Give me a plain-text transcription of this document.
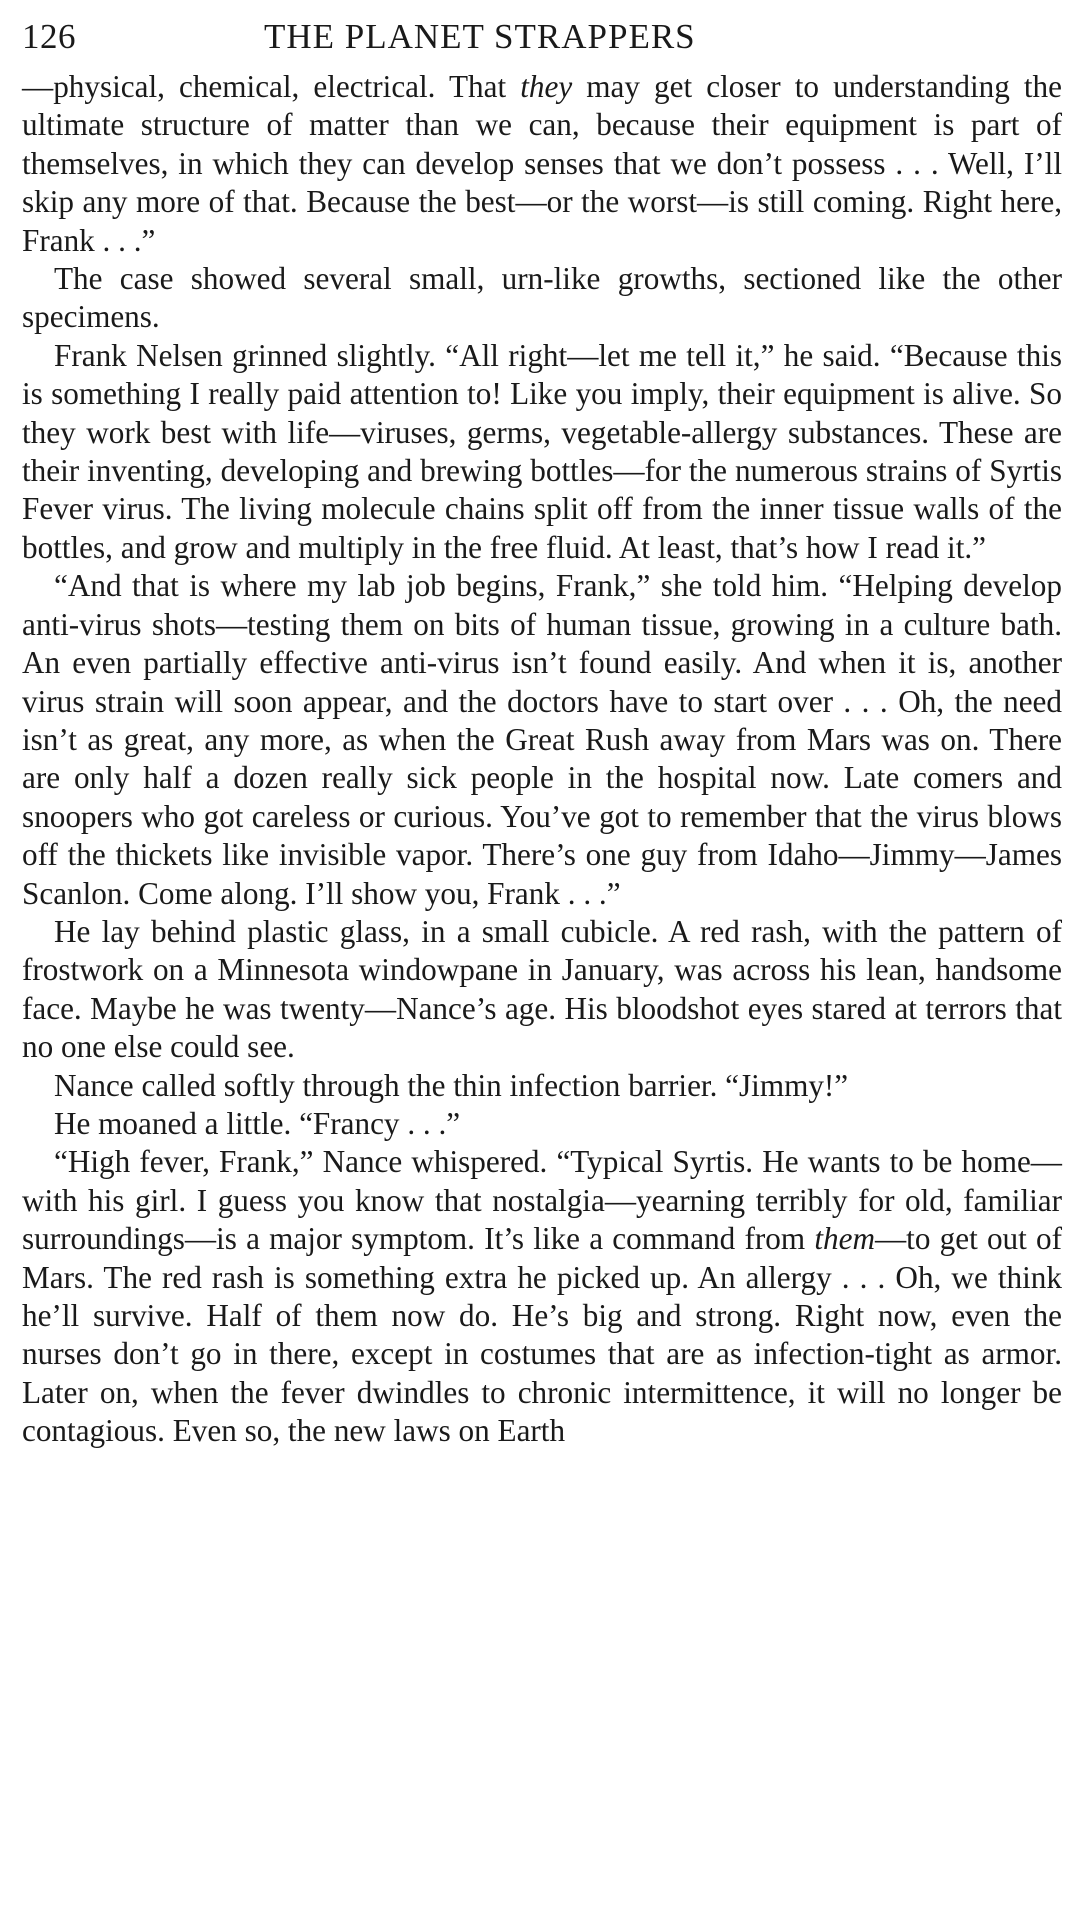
126	THE PLANET STRAPPERS

—physical, chemical, electrical. That they may get closer to understanding the ultimate structure of matter than we can, because their equipment is part of themselves, in which they can develop senses that we don’t possess . . . Well, I’ll skip any more of that. Because the best—or the worst—is still coming. Right here, Frank . . .”

The case showed several small, urn-like growths, sectioned like the other specimens.

Frank Nelsen grinned slightly. “All right—let me tell it,” he said. “Because this is something I really paid attention to! Like you imply, their equipment is alive. So they work best with life—viruses, germs, vegetable-allergy substances. These are their inventing, developing and brewing bottles—for the numerous strains of Syrtis Fever virus. The living molecule chains split off from the inner tissue walls of the bottles, and grow and multiply in the free fluid. At least, that’s how I read it.”

“And that is where my lab job begins, Frank,” she told him. “Helping develop anti-virus shots—testing them on bits of human tissue, growing in a culture bath. An even partially effective anti-virus isn’t found easily. And when it is, another virus strain will soon appear, and the doctors have to start over . . . Oh, the need isn’t as great, any more, as when the Great Rush away from Mars was on. There are only half a dozen really sick people in the hospital now. Late comers and snoopers who got careless or curious. You’ve got to remember that the virus blows off the thickets like invisible vapor. There’s one guy from Idaho—Jimmy—James Scanlon. Come along. I’ll show you, Frank . . .”

He lay behind plastic glass, in a small cubicle. A red rash, with the pattern of frostwork on a Minnesota windowpane in January, was across his lean, handsome face. Maybe he was twenty—Nance’s age. His bloodshot eyes stared at terrors that no one else could see.

Nance called softly through the thin infection barrier. “Jimmy!”

He moaned a little. “Francy . . .”

“High fever, Frank,” Nance whispered. “Typical Syrtis. He wants to be home—with his girl. I guess you know that nostalgia—yearning terribly for old, familiar surroundings—is a major symptom. It’s like a command from them—to get out of Mars. The red rash is something extra he picked up. An allergy . . . Oh, we think he’ll survive. Half of them now do. He’s big and strong. Right now, even the nurses don’t go in there, except in costumes that are as infection-tight as armor. Later on, when the fever dwindles to chronic intermittence, it will no longer be contagious. Even so, the new laws on Earth
